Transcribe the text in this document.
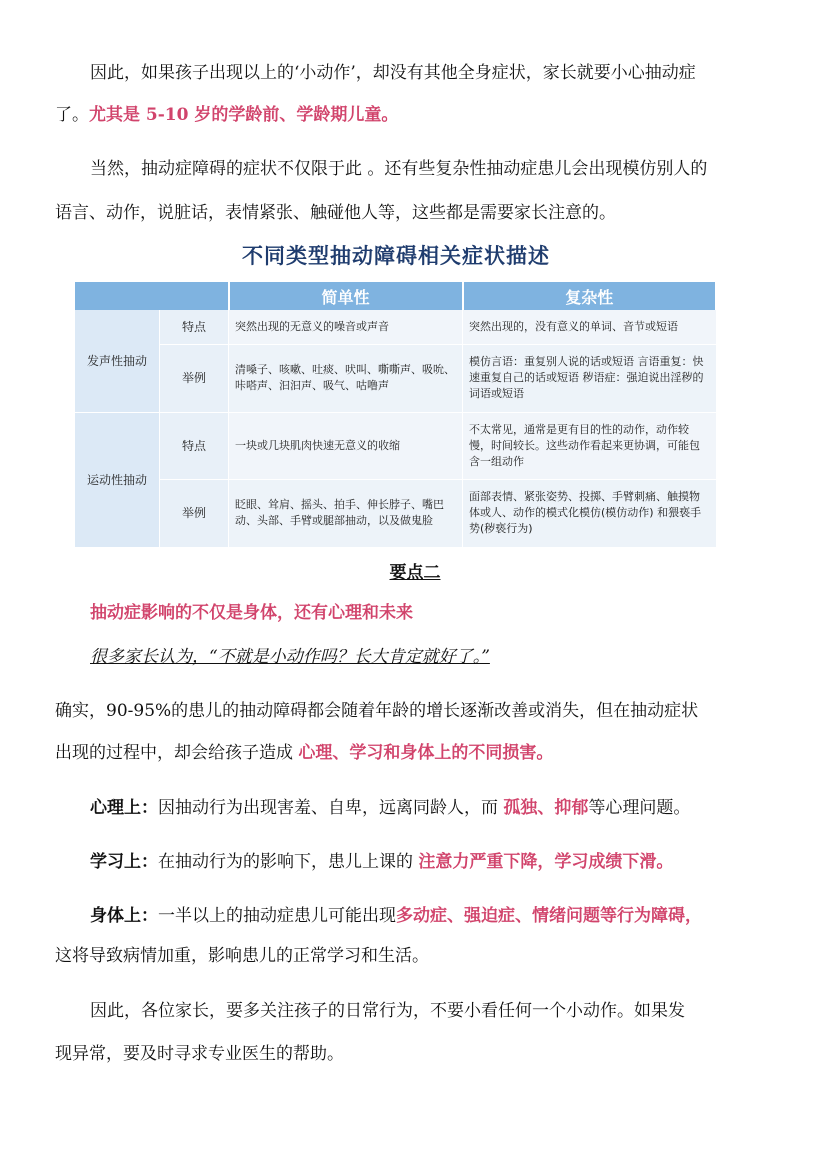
因此，如果孩子出现以上的‘小动作’，却没有其他全身症状，家长就要小心抽动症
了。尤其是 5-10 岁的学龄前、学龄期儿童。
当然，抽动症障碍的症状不仅限于此 。还有些复杂性抽动症患儿会出现模仿别人的
语言、动作，说脏话，表情紧张、触碰他人等，这些都是需要家长注意的。
不同类型抽动障碍相关症状描述
		简单性	复杂性
发声性抽动	特点	突然出现的无意义的噪音或声音	突然出现的，没有意义的单词、音节或短语
	举例	清嗓子、咳嗽、吐痰、吠叫、嘶嘶声、吸吮、咔嗒声、汩汩声、吸气、咕噜声	模仿言语：重复别人说的话或短语 言语重复：快速重复自己的话或短语 秽语症：强迫说出淫秽的词语或短语
运动性抽动	特点	一块或几块肌肉快速无意义的收缩	不太常见，通常是更有目的性的动作，动作较慢，时间较长。这些动作看起来更协调，可能包含一组动作
	举例	眨眼、耸肩、摇头、拍手、伸长脖子、嘴巴动、头部、手臂或腿部抽动，以及做鬼脸	面部表情、紧张姿势、投掷、手臂刺痛、触摸物体或人、动作的模式化模仿(模仿动作) 和猥亵手势(秽亵行为)
要点二
抽动症影响的不仅是身体，还有心理和未来
很多家长认为，“不就是小动作吗？长大肯定就好了。”
确实，90-95%的患儿的抽动障碍都会随着年龄的增长逐渐改善或消失，但在抽动症状
出现的过程中，却会给孩子造成 心理、学习和身体上的不同损害。
心理上：因抽动行为出现害羞、自卑，远离同龄人，而 孤独、抑郁等心理问题。
学习上：在抽动行为的影响下，患儿上课的 注意力严重下降，学习成绩下滑。
身体上：一半以上的抽动症患儿可能出现多动症、强迫症、情绪问题等行为障碍，
这将导致病情加重，影响患儿的正常学习和生活。
因此，各位家长，要多关注孩子的日常行为，不要小看任何一个小动作。如果发
现异常，要及时寻求专业医生的帮助。
